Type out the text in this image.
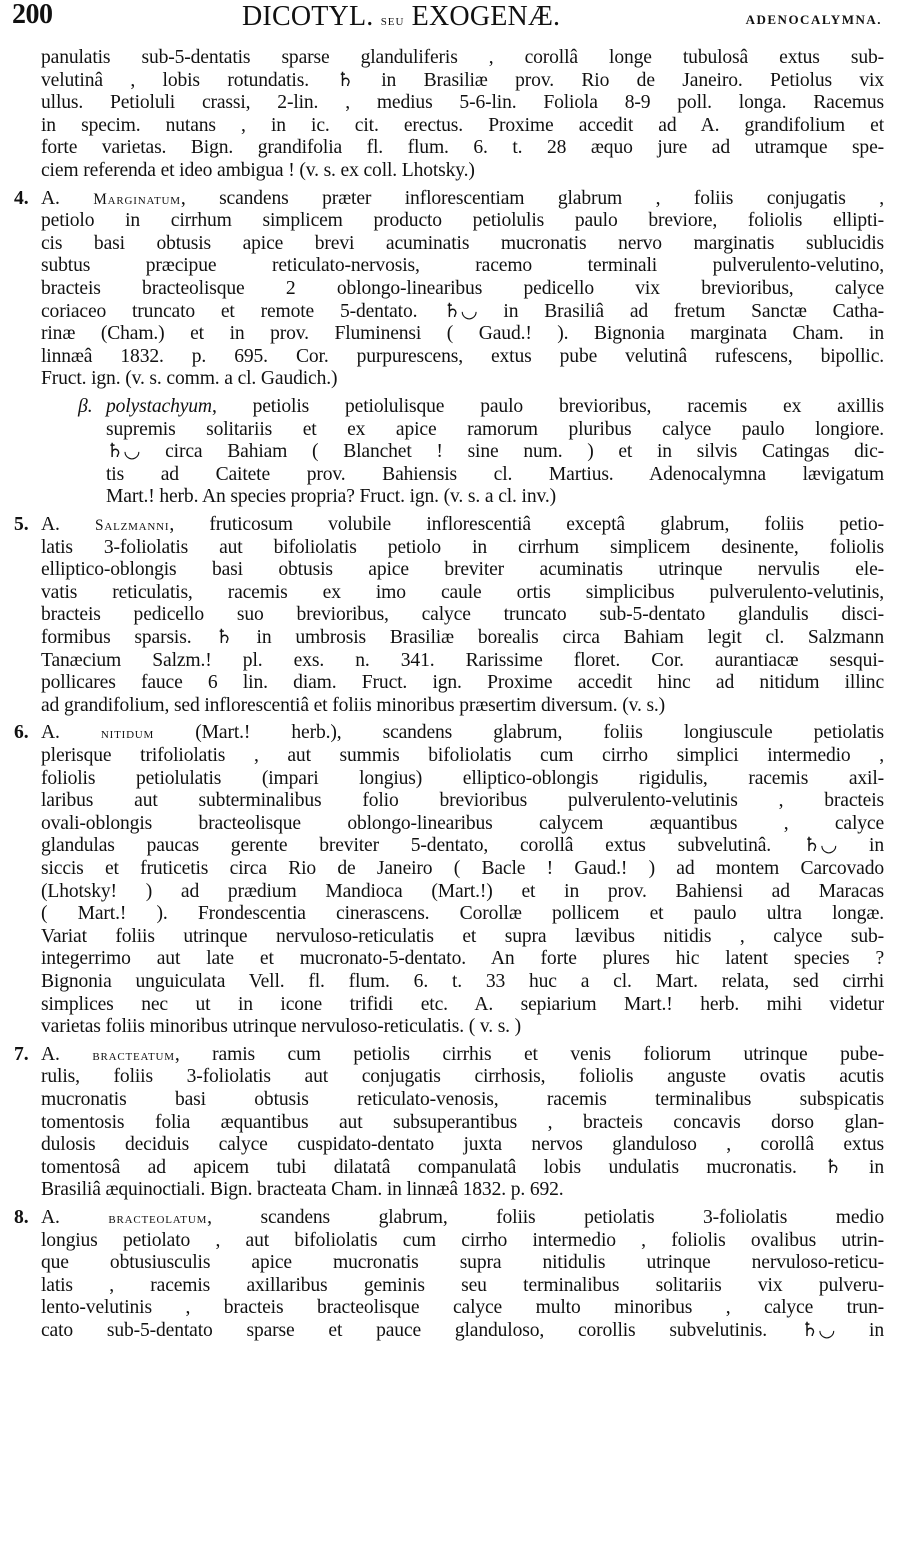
200	DICOTYL. seu EXOGENÆ.	ADENOCALYMNA.
panulatis sub-5-dentatis sparse glanduliferis , corollâ longe tubulosâ extus sub-
velutinâ , lobis rotundatis. ♄ in Brasiliæ prov. Rio de Janeiro. Petiolus vix
ullus. Petioluli crassi, 2-lin. , medius 5-6-lin. Foliola 8-9 poll. longa. Racemus
in specim. nutans , in ic. cit. erectus. Proxime accedit ad A. grandifolium et
forte varietas. Bign. grandifolia fl. flum. 6. t. 28 æquo jure ad utramque spe-
ciem referenda et ideo ambigua ! (v. s. ex coll. Lhotsky.)
4. A. Marginatum, scandens præter inflorescentiam glabrum , foliis conjugatis ,
petiolo in cirrhum simplicem producto petiolulis paulo breviore, foliolis ellipti-
cis basi obtusis apice brevi acuminatis mucronatis nervo marginatis sublucidis
subtus præcipue reticulato-nervosis, racemo terminali pulverulento-velutino,
bracteis bracteolisque 2 oblongo-linearibus pedicello vix brevioribus, calyce
coriaceo truncato et remote 5-dentato. ♄◡ in Brasiliâ ad fretum Sanctæ Catha-
rinæ (Cham.) et in prov. Fluminensi ( Gaud.! ). Bignonia marginata Cham. in
linnæâ 1832. p. 695. Cor. purpurescens, extus pube velutinâ rufescens, bipollic.
Fruct. ign. (v. s. comm. a cl. Gaudich.)
β. polystachyum, petiolis petiolulisque paulo brevioribus, racemis ex axillis
supremis solitariis et ex apice ramorum pluribus calyce paulo longiore.
♄◡ circa Bahiam ( Blanchet ! sine num. ) et in silvis Catingas dic-
tis ad Caitete prov. Bahiensis cl. Martius. Adenocalymna lævigatum
Mart.! herb. An species propria? Fruct. ign. (v. s. a cl. inv.)
5. A. Salzmanni, fruticosum volubile inflorescentiâ exceptâ glabrum, foliis petio-
latis 3-foliolatis aut bifoliolatis petiolo in cirrhum simplicem desinente, foliolis
elliptico-oblongis basi obtusis apice breviter acuminatis utrinque nervulis ele-
vatis reticulatis, racemis ex imo caule ortis simplicibus pulverulento-velutinis,
bracteis pedicello suo brevioribus, calyce truncato sub-5-dentato glandulis disci-
formibus sparsis. ♄ in umbrosis Brasiliæ borealis circa Bahiam legit cl. Salzmann
Tanæcium Salzm.! pl. exs. n. 341. Rarissime floret. Cor. aurantiacæ sesqui-
pollicares fauce 6 lin. diam. Fruct. ign. Proxime accedit hinc ad nitidum illinc
ad grandifolium, sed inflorescentiâ et foliis minoribus præsertim diversum. (v. s.)
6. A. nitidum (Mart.! herb.), scandens glabrum, foliis longiuscule petiolatis
plerisque trifoliolatis , aut summis bifoliolatis cum cirrho simplici intermedio ,
foliolis petiolulatis (impari longius) elliptico-oblongis rigidulis, racemis axil-
laribus aut subterminalibus folio brevioribus pulverulento-velutinis , bracteis
ovali-oblongis bracteolisque oblongo-linearibus calycem æquantibus , calyce
glandulas paucas gerente breviter 5-dentato, corollâ extus subvelutinâ. ♄◡ in
siccis et fruticetis circa Rio de Janeiro ( Bacle ! Gaud.! ) ad montem Carcovado
(Lhotsky! ) ad prædium Mandioca (Mart.!) et in prov. Bahiensi ad Maracas
( Mart.! ). Frondescentia cinerascens. Corollæ pollicem et paulo ultra longæ.
Variat foliis utrinque nervuloso-reticulatis et supra lævibus nitidis , calyce sub-
integerrimo aut late et mucronato-5-dentato. An forte plures hic latent species ?
Bignonia unguiculata Vell. fl. flum. 6. t. 33 huc a cl. Mart. relata, sed cirrhi
simplices nec ut in icone trifidi etc. A. sepiarium Mart.! herb. mihi videtur
varietas foliis minoribus utrinque nervuloso-reticulatis. ( v. s. )
7. A. bracteatum, ramis cum petiolis cirrhis et venis foliorum utrinque pube-
rulis, foliis 3-foliolatis aut conjugatis cirrhosis, foliolis anguste ovatis acutis
mucronatis basi obtusis reticulato-venosis, racemis terminalibus subspicatis
tomentosis folia æquantibus aut subsuperantibus , bracteis concavis dorso glan-
dulosis deciduis calyce cuspidato-dentato juxta nervos glanduloso , corollâ extus
tomentosâ ad apicem tubi dilatatâ companulatâ lobis undulatis mucronatis. ♄ in
Brasiliâ æquinoctiali. Bign. bracteata Cham. in linnæâ 1832. p. 692.
8. A. bracteolatum, scandens glabrum, foliis petiolatis 3-foliolatis medio
longius petiolato , aut bifoliolatis cum cirrho intermedio , foliolis ovalibus utrin-
que obtusiusculis apice mucronatis supra nitidulis utrinque nervuloso-reticu-
latis , racemis axillaribus geminis seu terminalibus solitariis vix pulveru-
lento-velutinis , bracteis bracteolisque calyce multo minoribus , calyce trun-
cato sub-5-dentato sparse et pauce glanduloso, corollis subvelutinis. ♄◡ in
